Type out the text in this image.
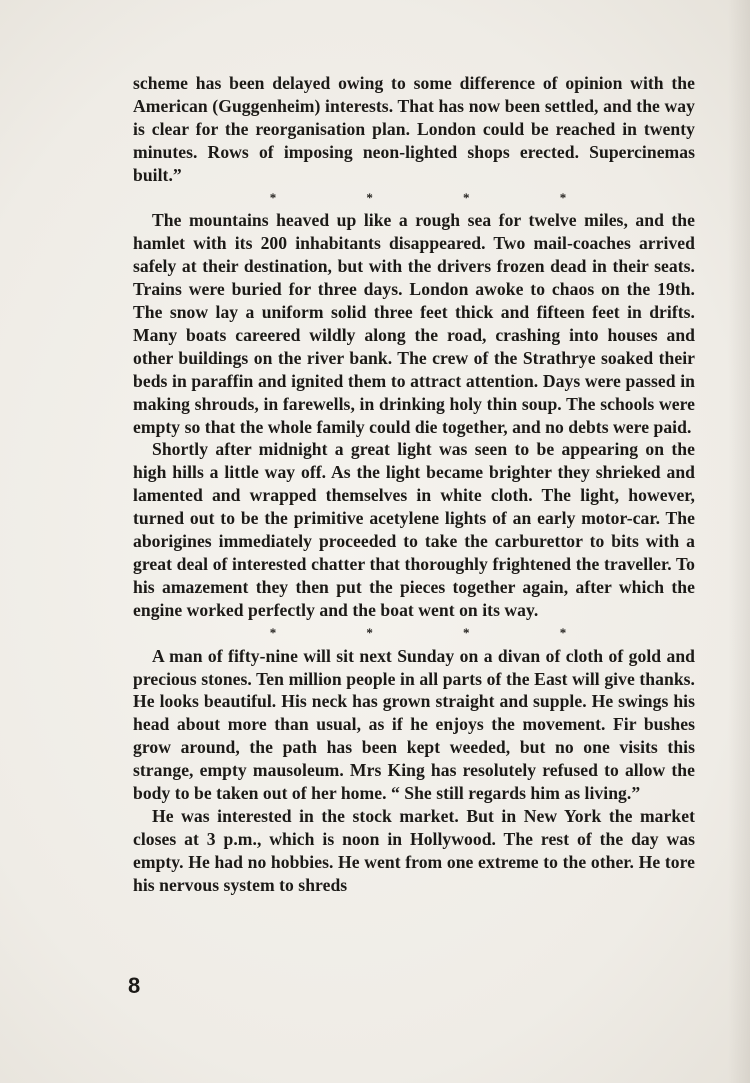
scheme has been delayed owing to some difference of opinion with the American (Guggenheim) interests. That has now been settled, and the way is clear for the reorganisation plan. London could be reached in twenty minutes. Rows of imposing neon-lighted shops erected. Supercinemas built.”

*	*	*	*

The mountains heaved up like a rough sea for twelve miles, and the hamlet with its 200 inhabitants disappeared. Two mail-coaches arrived safely at their destination, but with the drivers frozen dead in their seats. Trains were buried for three days. London awoke to chaos on the 19th. The snow lay a uniform solid three feet thick and fifteen feet in drifts. Many boats careered wildly along the road, crashing into houses and other buildings on the river bank. The crew of the Strathrye soaked their beds in paraffin and ignited them to attract attention. Days were passed in making shrouds, in farewells, in drinking holy thin soup. The schools were empty so that the whole family could die together, and no debts were paid.

Shortly after midnight a great light was seen to be appearing on the high hills a little way off. As the light became brighter they shrieked and lamented and wrapped themselves in white cloth. The light, however, turned out to be the primitive acetylene lights of an early motor-car. The aborigines immediately proceeded to take the carburettor to bits with a great deal of interested chatter that thoroughly frightened the traveller. To his amazement they then put the pieces together again, after which the engine worked perfectly and the boat went on its way.

*	*	*	*

A man of fifty-nine will sit next Sunday on a divan of cloth of gold and precious stones. Ten million people in all parts of the East will give thanks. He looks beautiful. His neck has grown straight and supple. He swings his head about more than usual, as if he enjoys the movement. Fir bushes grow around, the path has been kept weeded, but no one visits this strange, empty mausoleum. Mrs King has resolutely refused to allow the body to be taken out of her home. “ She still regards him as living.”

He was interested in the stock market. But in New York the market closes at 3 p.m., which is noon in Hollywood. The rest of the day was empty. He had no hobbies. He went from one extreme to the other. He tore his nervous system to shreds

8
